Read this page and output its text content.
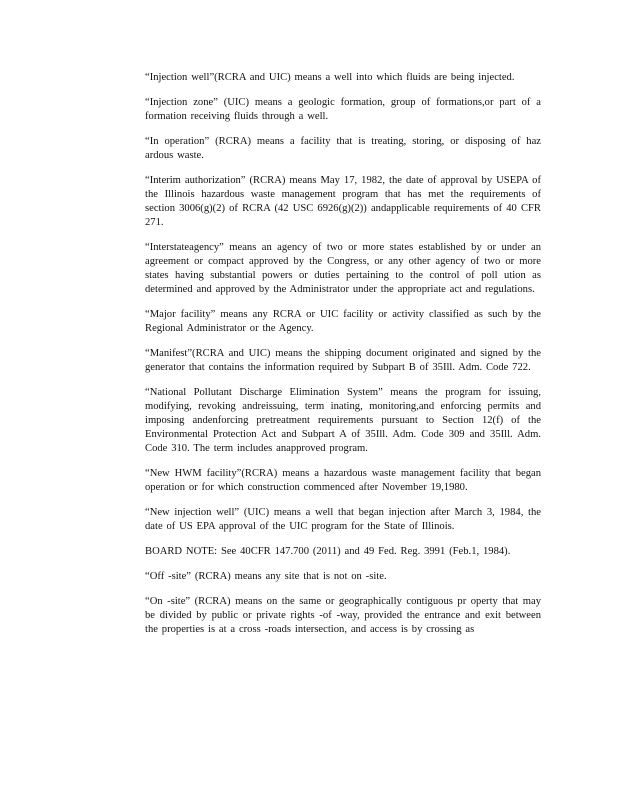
“Injection well”(RCRA and UIC) means a well into which fluids are being injected.

“Injection zone” (UIC) means a geologic formation, group of formations,or part of a formation receiving fluids through a well.

“In operation” (RCRA) means a facility that is treating, storing, or disposing of haz ardous waste.

“Interim authorization” (RCRA) means May 17, 1982, the date of approval by USEPA of the Illinois hazardous waste management program that has met the requirements of section 3006(g)(2) of RCRA (42 USC 6926(g)(2)) andapplicable requirements of 40 CFR 271.

“Interstateagency” means an agency of two or more states established by or under an agreement or compact approved by the Congress, or any other agency of two or more states having substantial powers or duties pertaining to the control of poll ution as determined and approved by the Administrator under the appropriate act and regulations.

“Major facility” means any RCRA or UIC facility or activity classified as such by the Regional Administrator or the Agency.

“Manifest”(RCRA and UIC) means the shipping document originated and signed by the generator that contains the information required by Subpart B of 35Ill. Adm. Code 722.

“National Pollutant Discharge Elimination System” means the program for issuing, modifying, revoking andreissuing, term inating, monitoring,and enforcing permits and imposing andenforcing pretreatment requirements pursuant to Section 12(f) of the Environmental Protection Act and Subpart A of 35Ill. Adm. Code 309 and 35Ill. Adm. Code 310. The term includes anapproved program.

“New HWM facility”(RCRA) means a hazardous waste management facility that began operation or for which construction commenced after November 19,1980.

“New injection well” (UIC) means a well that began injection after March 3, 1984, the date of US EPA approval of the UIC program for the State of Illinois.

BOARD NOTE: See 40CFR 147.700 (2011) and 49 Fed. Reg. 3991 (Feb.1, 1984).

“Off -site” (RCRA) means any site that is not on -site.

“On -site” (RCRA) means on the same or geographically contiguous pr operty that may be divided by public or private rights -of -way, provided the entrance and exit between the properties is at a cross -roads intersection, and access is by crossing as
